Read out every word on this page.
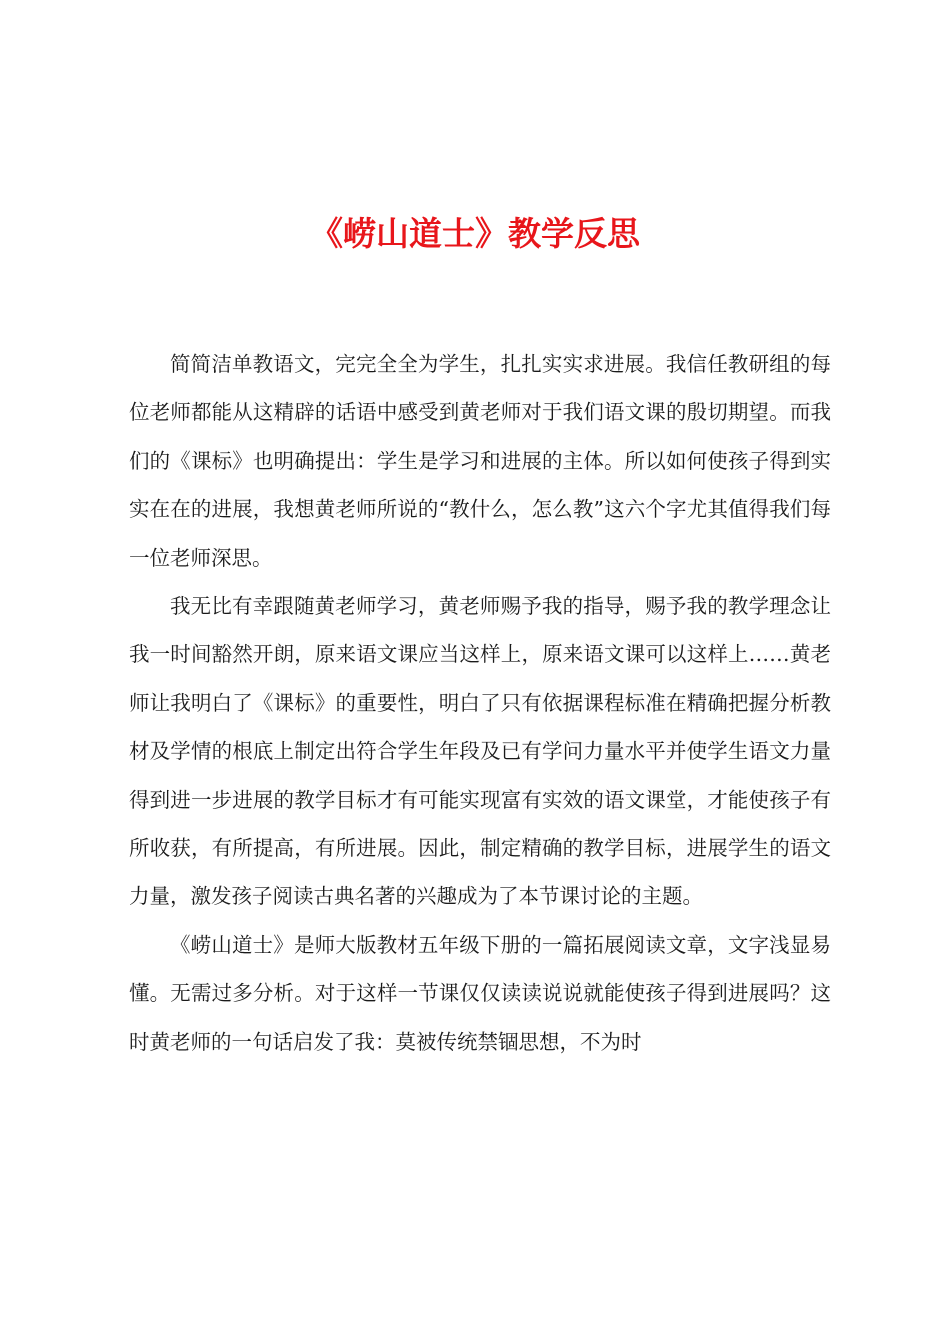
《崂山道士》教学反思

简简洁单教语文，完完全全为学生，扎扎实实求进展。我信任教研组的每位老师都能从这精辟的话语中感受到黄老师对于我们语文课的殷切期望。而我们的《课标》也明确提出：学生是学习和进展的主体。所以如何使孩子得到实实在在的进展，我想黄老师所说的“教什么，怎么教”这六个字尤其值得我们每一位老师深思。

我无比有幸跟随黄老师学习，黄老师赐予我的指导，赐予我的教学理念让我一时间豁然开朗，原来语文课应当这样上，原来语文课可以这样上……黄老师让我明白了《课标》的重要性，明白了只有依据课程标准在精确把握分析教材及学情的根底上制定出符合学生年段及已有学问力量水平并使学生语文力量得到进一步进展的教学目标才有可能实现富有实效的语文课堂，才能使孩子有所收获，有所提高，有所进展。因此，制定精确的教学目标，进展学生的语文力量，激发孩子阅读古典名著的兴趣成为了本节课讨论的主题。

《崂山道士》是师大版教材五年级下册的一篇拓展阅读文章，文字浅显易懂。无需过多分析。对于这样一节课仅仅读读说说就能使孩子得到进展吗？这时黄老师的一句话启发了我：莫被传统禁锢思想，不为时
